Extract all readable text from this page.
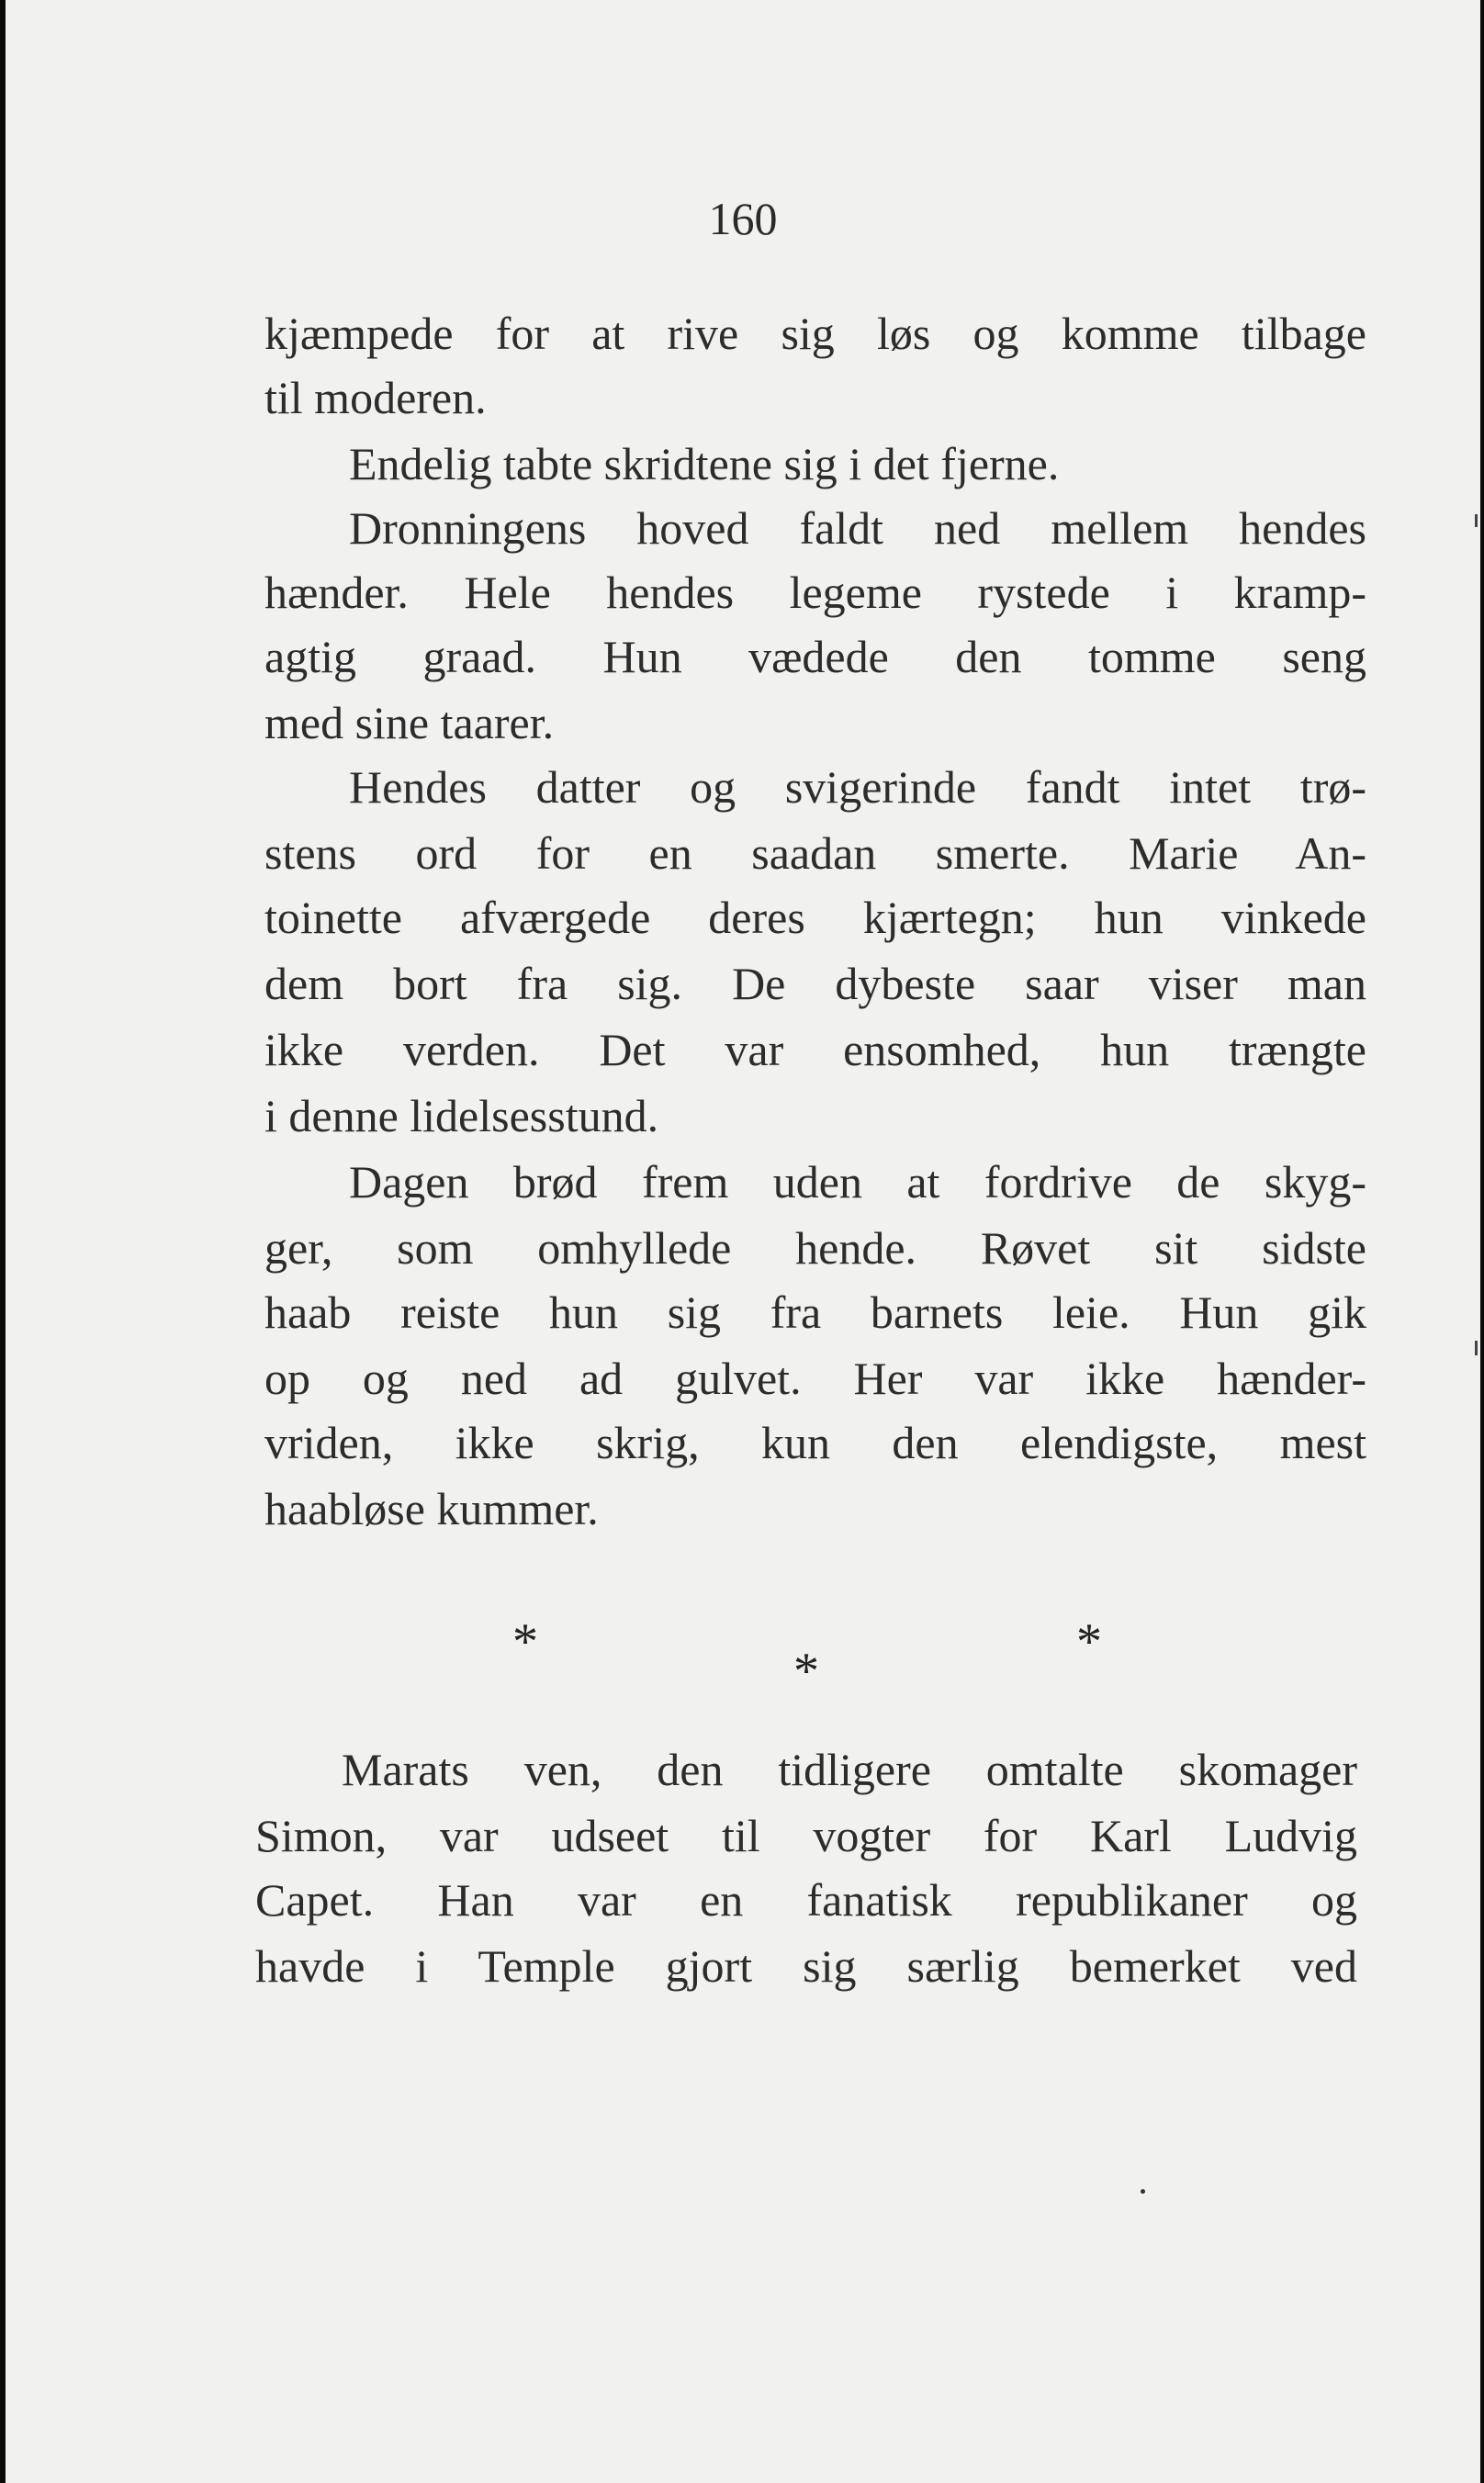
160
kjæmpede for at rive sig løs og komme tilbage
til moderen.
Endelig tabte skridtene sig i det fjerne.
Dronningens hoved faldt ned mellem hendes
hænder. Hele hendes legeme rystede i kramp-
agtig graad. Hun vædede den tomme seng
med sine taarer.
Hendes datter og svigerinde fandt intet trø-
stens ord for en saadan smerte. Marie An-
toinette afværgede deres kjærtegn; hun vinkede
dem bort fra sig. De dybeste saar viser man
ikke verden. Det var ensomhed, hun trængte
i denne lidelsesstund.
Dagen brød frem uden at fordrive de skyg-
ger, som omhyllede hende. Røvet sit sidste
haab reiste hun sig fra barnets leie. Hun gik
op og ned ad gulvet. Her var ikke hænder-
vriden, ikke skrig, kun den elendigste, mest
haabløse kummer.
*
*
*
Marats ven, den tidligere omtalte skomager
Simon, var udseet til vogter for Karl Ludvig
Capet. Han var en fanatisk republikaner og
havde i Temple gjort sig særlig bemerket ved
